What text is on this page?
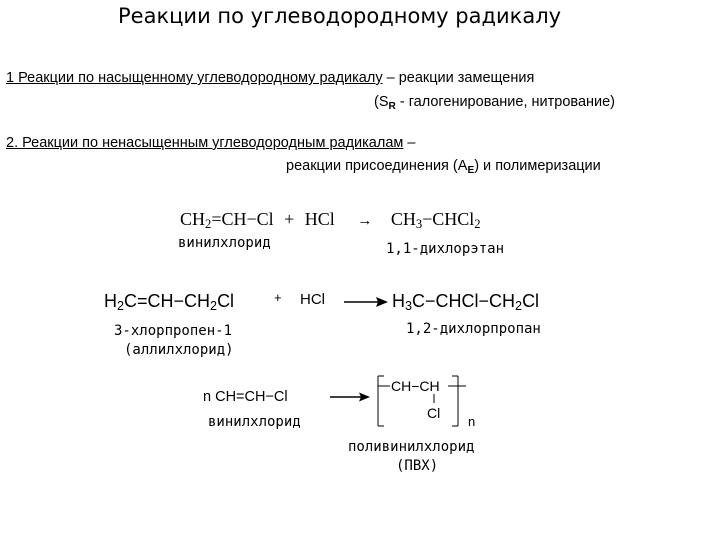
Реакции по углеводородному радикалу
1 Реакции по насыщенному углеводородному радикалу – реакции замещения
($S_R$ - галогенирование, нитрование)
2. Реакции по ненасыщенным углеводородным радикалам –
реакции присоединения $(A_E)$ и полимеризации
$CH_2=CH-Cl$ + HCl → $CH_3-CHCl_2$
винилхлорид	1,1-дихлорэтан
$H_2C=CH-CH_2Cl$	+ HCl	$H_3C-CHCl-CH_2Cl$
3-хлорпропен-1
(аллилхлорид)
1,2-дихлорпропан
n CH=CH−Cl
CH−CH
Cl
n
винилхлорид
поливинилхлорид
(ПВХ)
